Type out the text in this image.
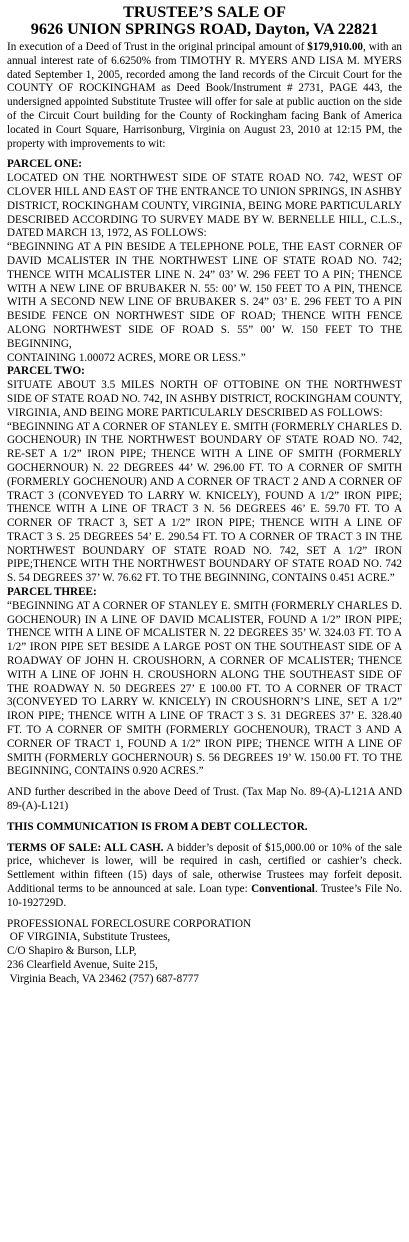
TRUSTEE’S SALE OF

9626 UNION SPRINGS ROAD, Dayton, VA 22821

In execution of a Deed of Trust in the original principal amount of $179,910.00, with an annual interest rate of 6.6250% from TIMOTHY R. MYERS AND LISA M. MYERS dated September 1, 2005, recorded among the land records of the Circuit Court for the COUNTY OF ROCKINGHAM as Deed Book/Instrument # 2731, PAGE 443, the undersigned appointed Substitute Trustee will offer for sale at public auction on the side of the Circuit Court building for the County of Rockingham facing Bank of America located in Court Square, Harrisonburg, Virginia on August 23, 2010 at 12:15 PM, the property with improvements to wit:

PARCEL ONE:

LOCATED ON THE NORTHWEST SIDE OF STATE ROAD NO. 742, WEST OF CLOVER HILL AND EAST OF THE ENTRANCE TO UNION SPRINGS, IN ASHBY DISTRICT, ROCKINGHAM COUNTY, VIRGINIA, BEING MORE PARTICULARLY DESCRIBED ACCORDING TO SURVEY MADE BY W. BERNELLE HILL, C.L.S., DATED MARCH 13, 1972, AS FOLLOWS:

“BEGINNING AT A PIN BESIDE A TELEPHONE POLE, THE EAST CORNER OF DAVID MCALISTER IN THE NORTHWEST LINE OF STATE ROAD NO. 742; THENCE WITH MCALISTER LINE N. 24” 03’ W. 296 FEET TO A PIN; THENCE WITH A NEW LINE OF BRUBAKER N. 55: 00’ W. 150 FEET TO A PIN, THENCE WITH A SECOND NEW LINE OF BRUBAKER S. 24” 03’ E. 296 FEET TO A PIN BESIDE FENCE ON NORTHWEST SIDE OF ROAD; THENCE WITH FENCE ALONG NORTHWEST SIDE OF ROAD S. 55” 00’ W. 150 FEET TO THE BEGINNING,

CONTAINING 1.00072 ACRES, MORE OR LESS.”

PARCEL TWO:

SITUATE ABOUT 3.5 MILES NORTH OF OTTOBINE ON THE NORTHWEST SIDE OF STATE ROAD NO. 742, IN ASHBY DISTRICT, ROCKINGHAM COUNTY, VIRGINIA, AND BEING MORE PARTICULARLY DESCRIBED AS FOLLOWS:

“BEGINNING AT A CORNER OF STANLEY E. SMITH (FORMERLY CHARLES D. GOCHENOUR) IN THE NORTHWEST BOUNDARY OF STATE ROAD NO. 742, RE-SET A 1/2” IRON PIPE; THENCE WITH A LINE OF SMITH (FORMERLY GOCHERNOUR) N. 22 DEGREES 44’ W. 296.00 FT. TO A CORNER OF SMITH (FORMERLY GOCHENOUR) AND A CORNER OF TRACT 2 AND A CORNER OF TRACT 3 (CONVEYED TO LARRY W. KNICELY), FOUND A 1/2” IRON PIPE; THENCE WITH A LINE OF TRACT 3 N. 56 DEGREES 46’ E. 59.70 FT. TO A CORNER OF TRACT 3, SET A 1/2” IRON PIPE; THENCE WITH A LINE OF TRACT 3 S. 25 DEGREES 54’ E. 290.54 FT. TO A CORNER OF TRACT 3 IN THE NORTHWEST BOUNDARY OF STATE ROAD NO. 742, SET A 1/2” IRON PIPE;THENCE WITH THE NORTHWEST BOUNDARY OF STATE ROAD NO. 742 S. 54 DEGREES 37’ W. 76.62 FT. TO THE BEGINNING, CONTAINS 0.451 ACRE.”

PARCEL THREE:

“BEGINNING AT A CORNER OF STANLEY E. SMITH (FORMERLY CHARLES D. GOCHENOUR) IN A LINE OF DAVID MCALISTER, FOUND A 1/2” IRON PIPE; THENCE WITH A LINE OF MCALISTER N. 22 DEGREES 35’ W. 324.03 FT. TO A 1/2” IRON PIPE SET BESIDE A LARGE POST ON THE SOUTHEAST SIDE OF A ROADWAY OF JOHN H. CROUSHORN, A CORNER OF MCALISTER; THENCE WITH A LINE OF JOHN H. CROUSHORN ALONG THE SOUTHEAST SIDE OF THE ROADWAY N. 50 DEGREES 27’ E 100.00 FT. TO A CORNER OF TRACT 3(CONVEYED TO LARRY W. KNICELY) IN CROUSHORN’S LINE, SET A 1/2” IRON PIPE; THENCE WITH A LINE OF TRACT 3 S. 31 DEGREES 37’ E. 328.40 FT. TO A CORNER OF SMITH (FORMERLY GOCHENOUR), TRACT 3 AND A CORNER OF TRACT 1, FOUND A 1/2” IRON PIPE; THENCE WITH A LINE OF SMITH (FORMERLY GOCHERNOUR) S. 56 DEGREES 19’ W. 150.00 FT. TO THE BEGINNING, CONTAINS 0.920 ACRES.”

AND further described in the above Deed of Trust. (Tax Map No. 89-(A)-L121A AND 89-(A)-L121)

THIS COMMUNICATION IS FROM A DEBT COLLECTOR.

TERMS OF SALE: ALL CASH. A bidder’s deposit of $15,000.00 or 10% of the sale price, whichever is lower, will be required in cash, certified or cashier’s check. Settlement within fifteen (15) days of sale, otherwise Trustees may forfeit deposit. Additional terms to be announced at sale. Loan type: Conventional. Trustee’s File No. 10-192729D.

PROFESSIONAL FORECLOSURE CORPORATION

OF VIRGINIA, Substitute Trustees,

C/O Shapiro & Burson, LLP,

236 Clearfield Avenue, Suite 215,

Virginia Beach, VA 23462 (757) 687-8777
